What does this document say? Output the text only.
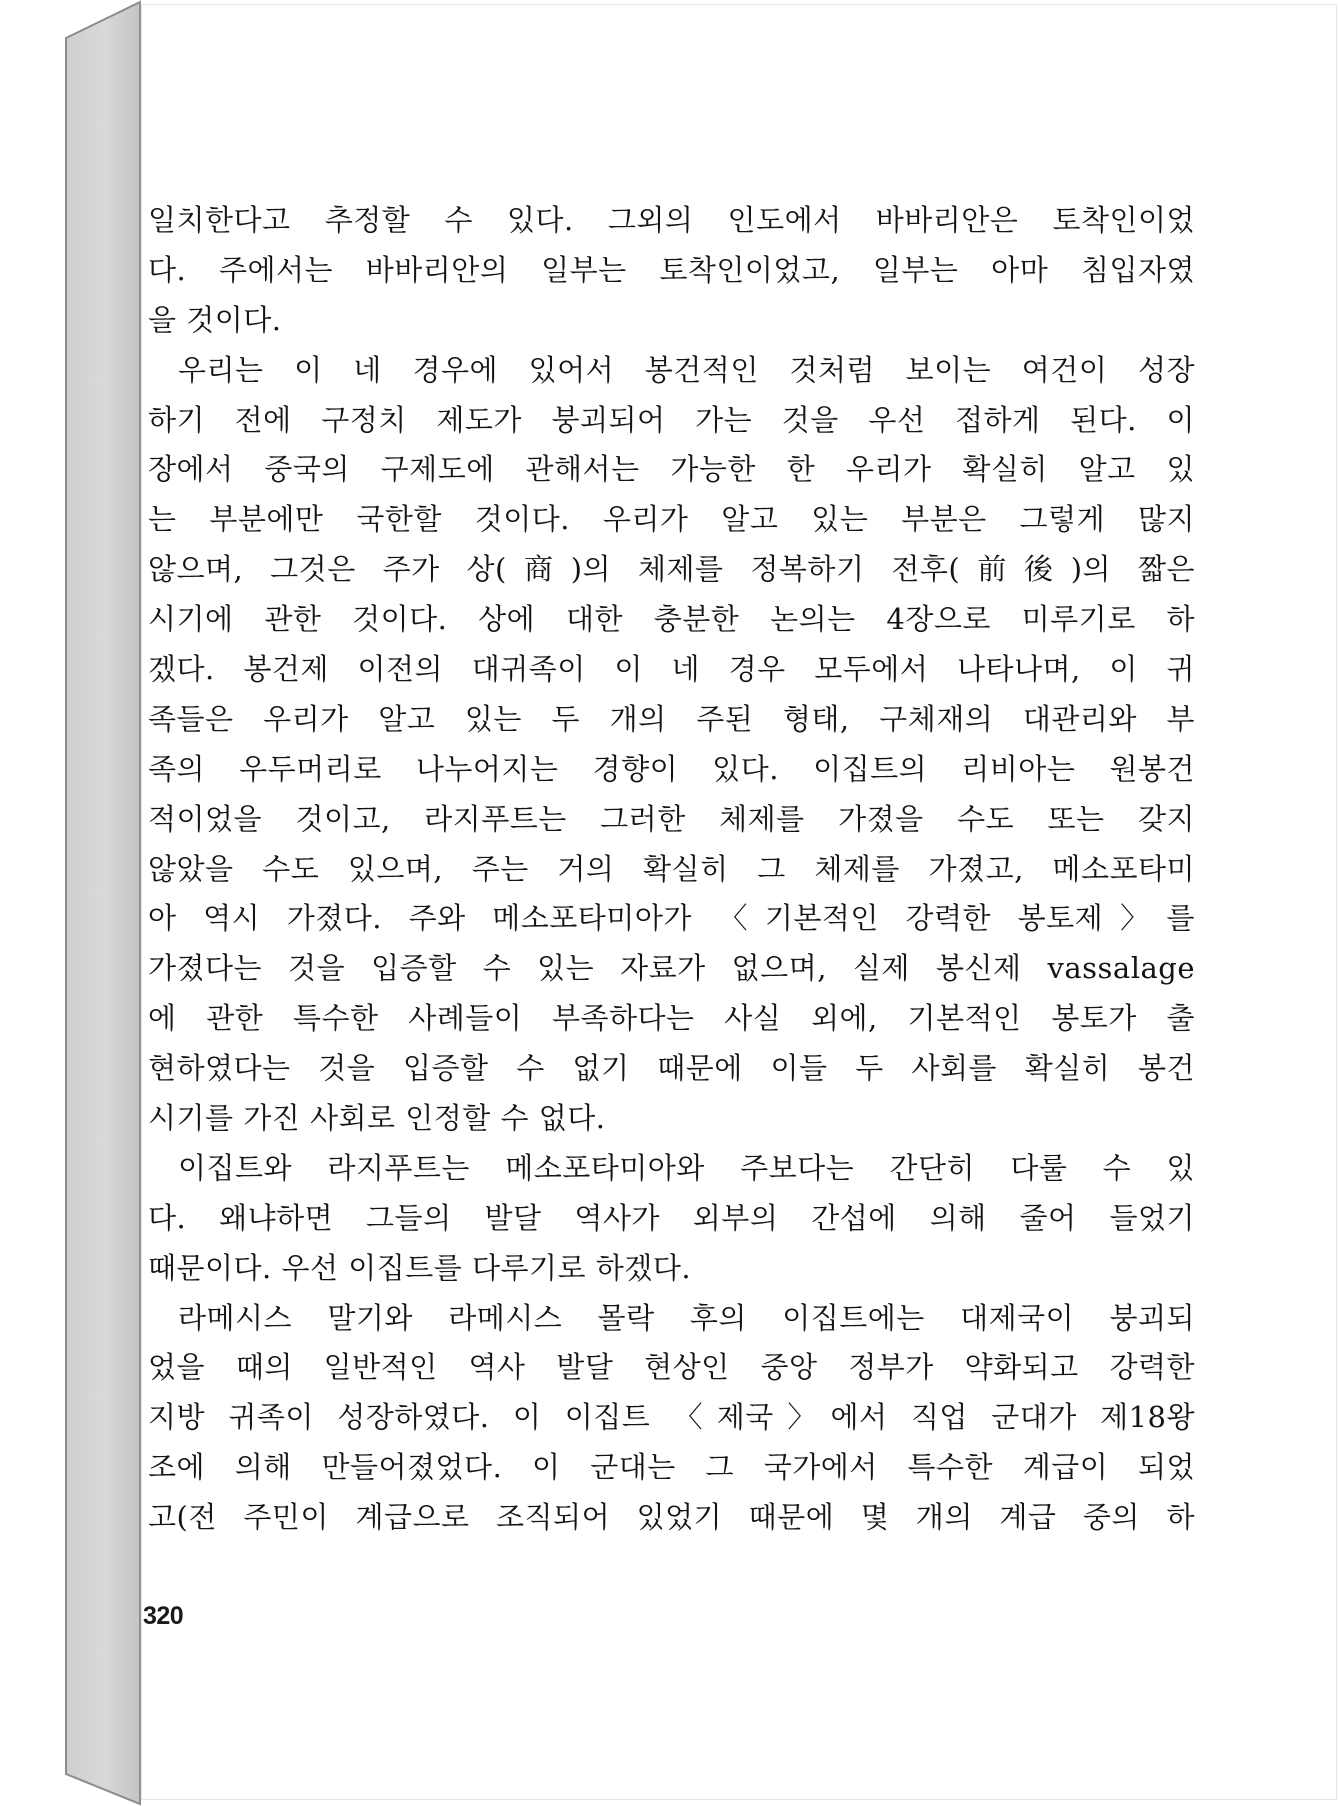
일치한다고 추정할 수 있다. 그외의 인도에서 바바리안은 토착인이었
다. 주에서는 바바리안의 일부는 토착인이었고, 일부는 아마 침입자였
을 것이다.
우리는 이 네 경우에 있어서 봉건적인 것처럼 보이는 여건이 성장
하기 전에 구정치 제도가 붕괴되어 가는 것을 우선 접하게 된다. 이
장에서 중국의 구제도에 관해서는 가능한 한 우리가 확실히 알고 있
는 부분에만 국한할 것이다. 우리가 알고 있는 부분은 그렇게 많지
않으며, 그것은 주가 상(商)의 체제를 정복하기 전후(前後)의 짧은
시기에 관한 것이다. 상에 대한 충분한 논의는 4장으로 미루기로 하
겠다. 봉건제 이전의 대귀족이 이 네 경우 모두에서 나타나며, 이 귀
족들은 우리가 알고 있는 두 개의 주된 형태, 구체재의 대관리와 부
족의 우두머리로 나누어지는 경향이 있다. 이집트의 리비아는 원봉건
적이었을 것이고, 라지푸트는 그러한 체제를 가졌을 수도 또는 갖지
않았을 수도 있으며, 주는 거의 확실히 그 체제를 가졌고, 메소포타미
아 역시 가졌다. 주와 메소포타미아가 〈기본적인 강력한 봉토제〉를
가졌다는 것을 입증할 수 있는 자료가 없으며, 실제 봉신제 vassalage
에 관한 특수한 사례들이 부족하다는 사실 외에, 기본적인 봉토가 출
현하였다는 것을 입증할 수 없기 때문에 이들 두 사회를 확실히 봉건
시기를 가진 사회로 인정할 수 없다.
이집트와 라지푸트는 메소포타미아와 주보다는 간단히 다룰 수 있
다. 왜냐하면 그들의 발달 역사가 외부의 간섭에 의해 줄어 들었기
때문이다. 우선 이집트를 다루기로 하겠다.
라메시스 말기와 라메시스 몰락 후의 이집트에는 대제국이 붕괴되
었을 때의 일반적인 역사 발달 현상인 중앙 정부가 약화되고 강력한
지방 귀족이 성장하였다. 이 이집트 〈제국〉에서 직업 군대가 제18왕
조에 의해 만들어졌었다. 이 군대는 그 국가에서 특수한 계급이 되었
고(전 주민이 계급으로 조직되어 있었기 때문에 몇 개의 계급 중의 하
320
